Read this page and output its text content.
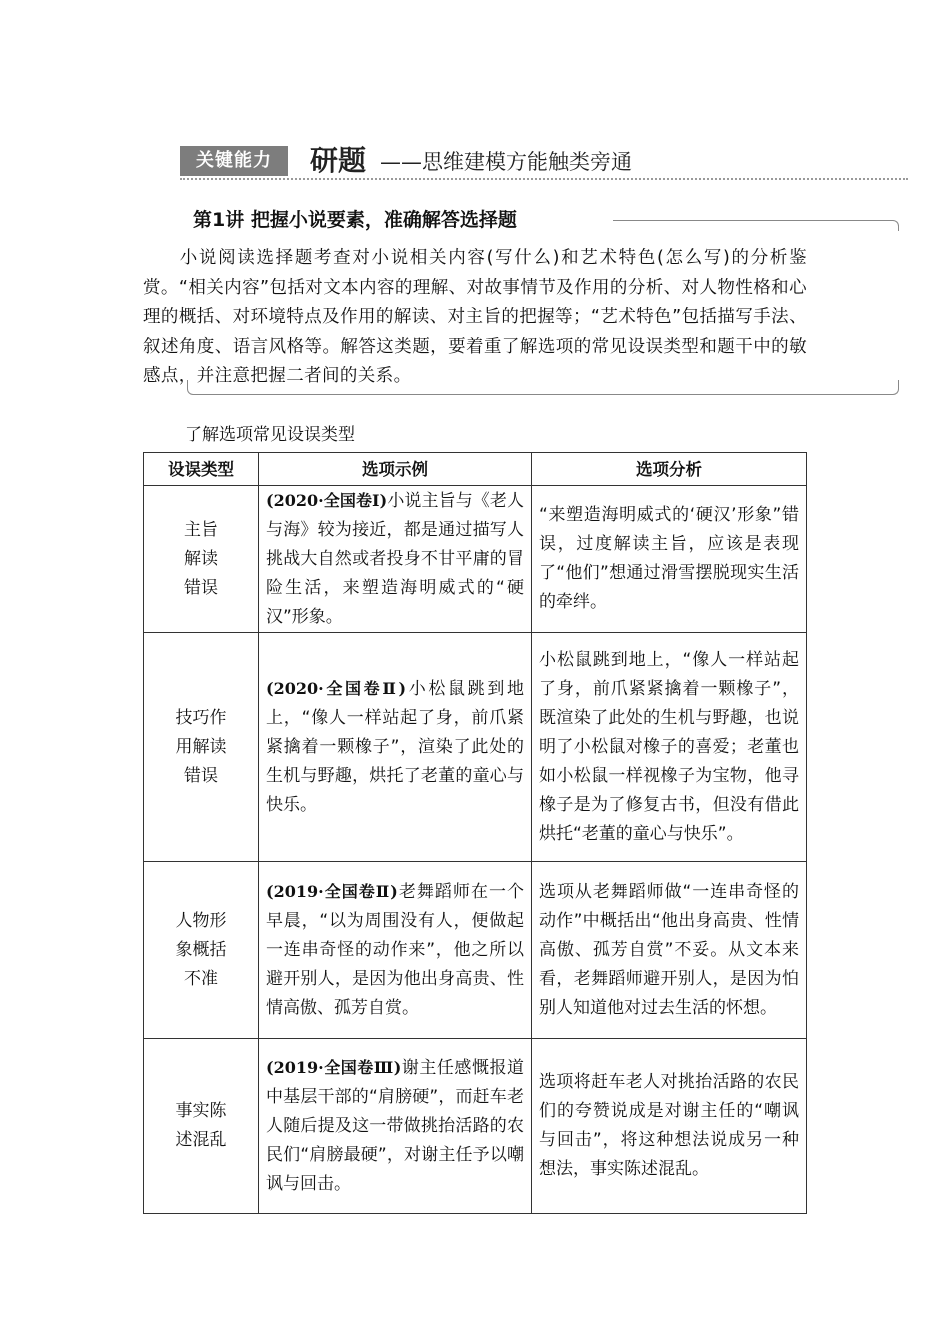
关键能力	研题 ——思维建模方能触类旁通
第1讲 把握小说要素，准确解答选择题
小说阅读选择题考查对小说相关内容(写什么)和艺术特色(怎么写)的分析鉴赏。“相关内容”包括对文本内容的理解、对故事情节及作用的分析、对人物性格和心理的概括、对环境特点及作用的解读、对主旨的把握等；“艺术特色”包括描写手法、叙述角度、语言风格等。解答这类题，要着重了解选项的常见设误类型和题干中的敏感点，并注意把握二者间的关系。
了解选项常见设误类型
设误类型	选项示例	选项分析
主旨
解读
错误	(2020·全国卷Ⅰ)小说主旨与《老人与海》较为接近，都是通过描写人挑战大自然或者投身不甘平庸的冒险生活，来塑造海明威式的“硬汉”形象。	“来塑造海明威式的‘硬汉’形象”错误，过度解读主旨，应该是表现了“他们”想通过滑雪摆脱现实生活的牵绊。
技巧作
用解读
错误	(2020·全国卷Ⅱ)小松鼠跳到地上，“像人一样站起了身，前爪紧紧擒着一颗橡子”，渲染了此处的生机与野趣，烘托了老董的童心与快乐。	小松鼠跳到地上，“像人一样站起了身，前爪紧紧擒着一颗橡子”，既渲染了此处的生机与野趣，也说明了小松鼠对橡子的喜爱；老董也如小松鼠一样视橡子为宝物，他寻橡子是为了修复古书，但没有借此烘托“老董的童心与快乐”。
人物形
象概括
不准	(2019·全国卷Ⅱ)老舞蹈师在一个早晨，“以为周围没有人，便做起一连串奇怪的动作来”，他之所以避开别人，是因为他出身高贵、性情高傲、孤芳自赏。	选项从老舞蹈师做“一连串奇怪的动作”中概括出“他出身高贵、性情高傲、孤芳自赏”不妥。从文本来看，老舞蹈师避开别人，是因为怕别人知道他对过去生活的怀想。
事实陈
述混乱	(2019·全国卷Ⅲ)谢主任感慨报道中基层干部的“肩膀硬”，而赶车老人随后提及这一带做挑抬活路的农民们“肩膀最硬”，对谢主任予以嘲讽与回击。	选项将赶车老人对挑抬活路的农民们的夸赞说成是对谢主任的“嘲讽与回击”，将这种想法说成另一种想法，事实陈述混乱。
